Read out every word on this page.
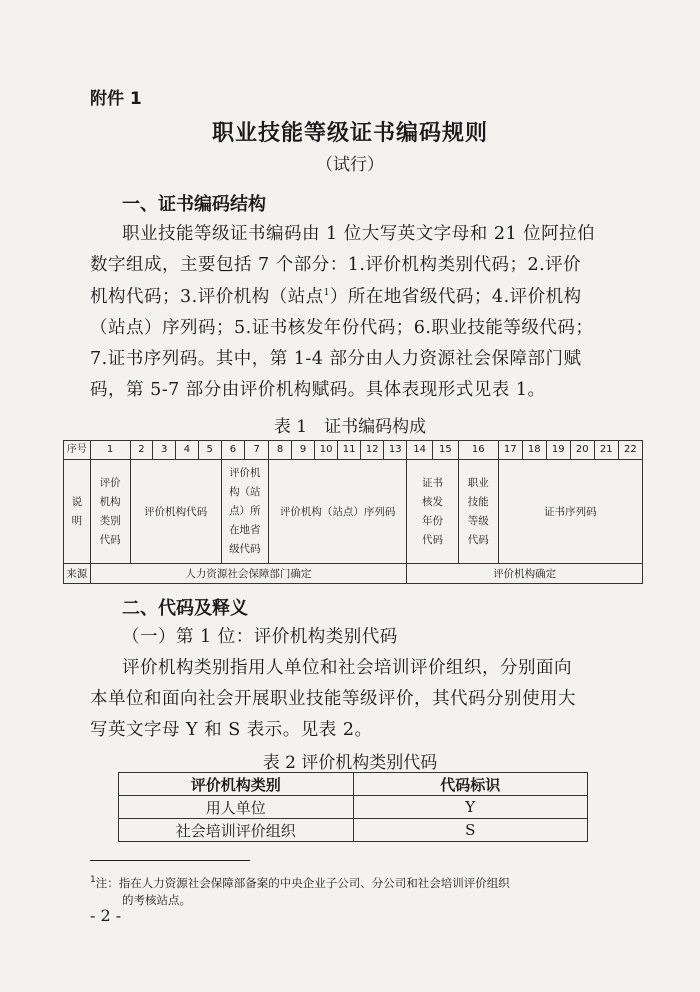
附件 1
职业技能等级证书编码规则
（试行）
一、证书编码结构
职业技能等级证书编码由 1 位大写英文字母和 21 位阿拉伯
数字组成，主要包括 7 个部分：1.评价机构类别代码；2.评价
机构代码；3.评价机构（站点$^1$）所在地省级代码；4.评价机构
（站点）序列码；5.证书核发年份代码；6.职业技能等级代码；
7.证书序列码。其中，第 1-4 部分由人力资源社会保障部门赋
码，第 5-7 部分由评价机构赋码。具体表现形式见表 1。
表 1　证书编码构成
序号	1	2	3	4	5	6	7	8	9	10	11	12	13	14	15	16	17	18	19	20	21	22
说明	评价机构类别代码	评价机构代码				评价机构（站点）所在地省级代码		评价机构（站点）序列码						证书核发年份代码		职业技能等级代码	证书序列码					
来源	人力资源社会保障部门确定													评价机构确定								
二、代码及释义
（一）第 1 位：评价机构类别代码
评价机构类别指用人单位和社会培训评价组织，分别面向
本单位和面向社会开展职业技能等级评价，其代码分别使用大
写英文字母 Y 和 S 表示。见表 2。
表 2 评价机构类别代码
评价机构类别	代码标识
用人单位	Y
社会培训评价组织	S
$^1$注：指在人力资源社会保障部备案的中央企业子公司、分公司和社会培训评价组织
的考核站点。
- 2 -
